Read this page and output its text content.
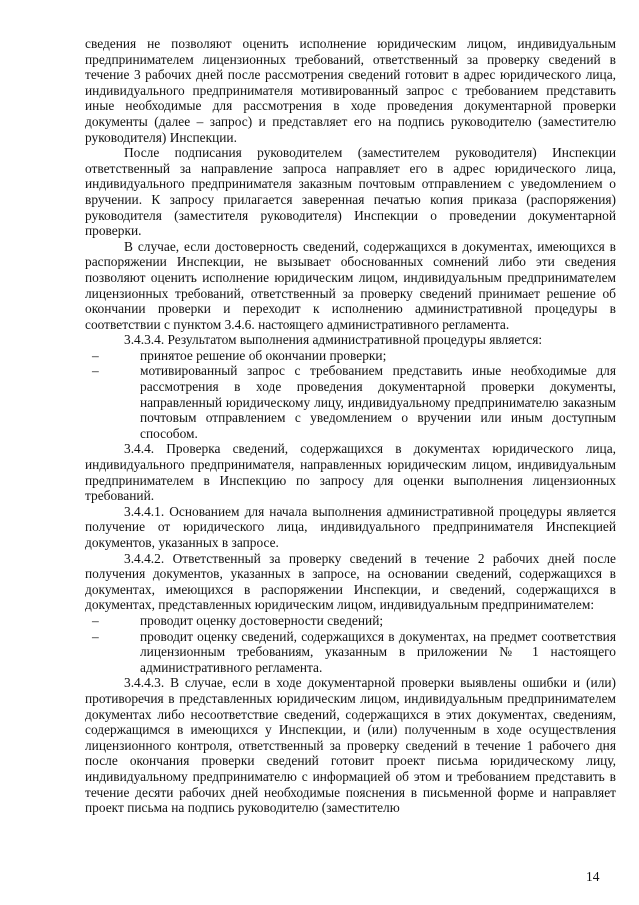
сведения не позволяют оценить исполнение юридическим лицом, индивидуальным предпринимателем лицензионных требований, ответственный за проверку сведений в течение 3 рабочих дней после рассмотрения сведений готовит в адрес юридического лица, индивидуального предпринимателя мотивированный запрос с требованием представить иные необходимые для рассмотрения в ходе проведения документарной проверки документы (далее – запрос) и представляет его на подпись руководителю (заместителю руководителя) Инспекции.

После подписания руководителем (заместителем руководителя) Инспекции ответственный за направление запроса направляет его в адрес юридического лица, индивидуального предпринимателя заказным почтовым отправлением с уведомлением о вручении. К запросу прилагается заверенная печатью копия приказа (распоряжения) руководителя (заместителя руководителя) Инспекции о проведении документарной проверки.

В случае, если достоверность сведений, содержащихся в документах, имеющихся в распоряжении Инспекции, не вызывает обоснованных сомнений либо эти сведения позволяют оценить исполнение юридическим лицом, индивидуальным предпринимателем лицензионных требований, ответственный за проверку сведений принимает решение об окончании проверки и переходит к исполнению административной процедуры в соответствии с пунктом 3.4.6. настоящего административного регламента.

3.4.3.4. Результатом выполнения административной процедуры является:

–	принятое решение об окончании проверки;
–	мотивированный запрос с требованием представить иные необходимые для рассмотрения в ходе проведения документарной проверки документы, направленный юридическому лицу, индивидуальному предпринимателю заказным почтовым отправлением с уведомлением о вручении или иным доступным способом.

3.4.4. Проверка сведений, содержащихся в документах юридического лица, индивидуального предпринимателя, направленных юридическим лицом, индивидуальным предпринимателем в Инспекцию по запросу для оценки выполнения лицензионных требований.

3.4.4.1. Основанием для начала выполнения административной процедуры является получение от юридического лица, индивидуального предпринимателя Инспекцией документов, указанных в запросе.

3.4.4.2. Ответственный за проверку сведений в течение 2 рабочих дней после получения документов, указанных в запросе, на основании сведений, содержащихся в документах, имеющихся в распоряжении Инспекции, и сведений, содержащихся в документах, представленных юридическим лицом, индивидуальным предпринимателем:

–	проводит оценку достоверности сведений;
–	проводит оценку сведений, содержащихся в документах, на предмет соответствия лицензионным требованиям, указанным в приложении № 1 настоящего административного регламента.

3.4.4.3. В случае, если в ходе документарной проверки выявлены ошибки и (или) противоречия в представленных юридическим лицом, индивидуальным предпринимателем документах либо несоответствие сведений, содержащихся в этих документах, сведениям, содержащимся в имеющихся у Инспекции, и (или) полученным в ходе осуществления лицензионного контроля, ответственный за проверку сведений в течение 1 рабочего дня после окончания проверки сведений готовит проект письма юридическому лицу, индивидуальному предпринимателю с информацией об этом и требованием представить в течение десяти рабочих дней необходимые пояснения в письменной форме и направляет проект письма на подпись руководителю (заместителю

14
